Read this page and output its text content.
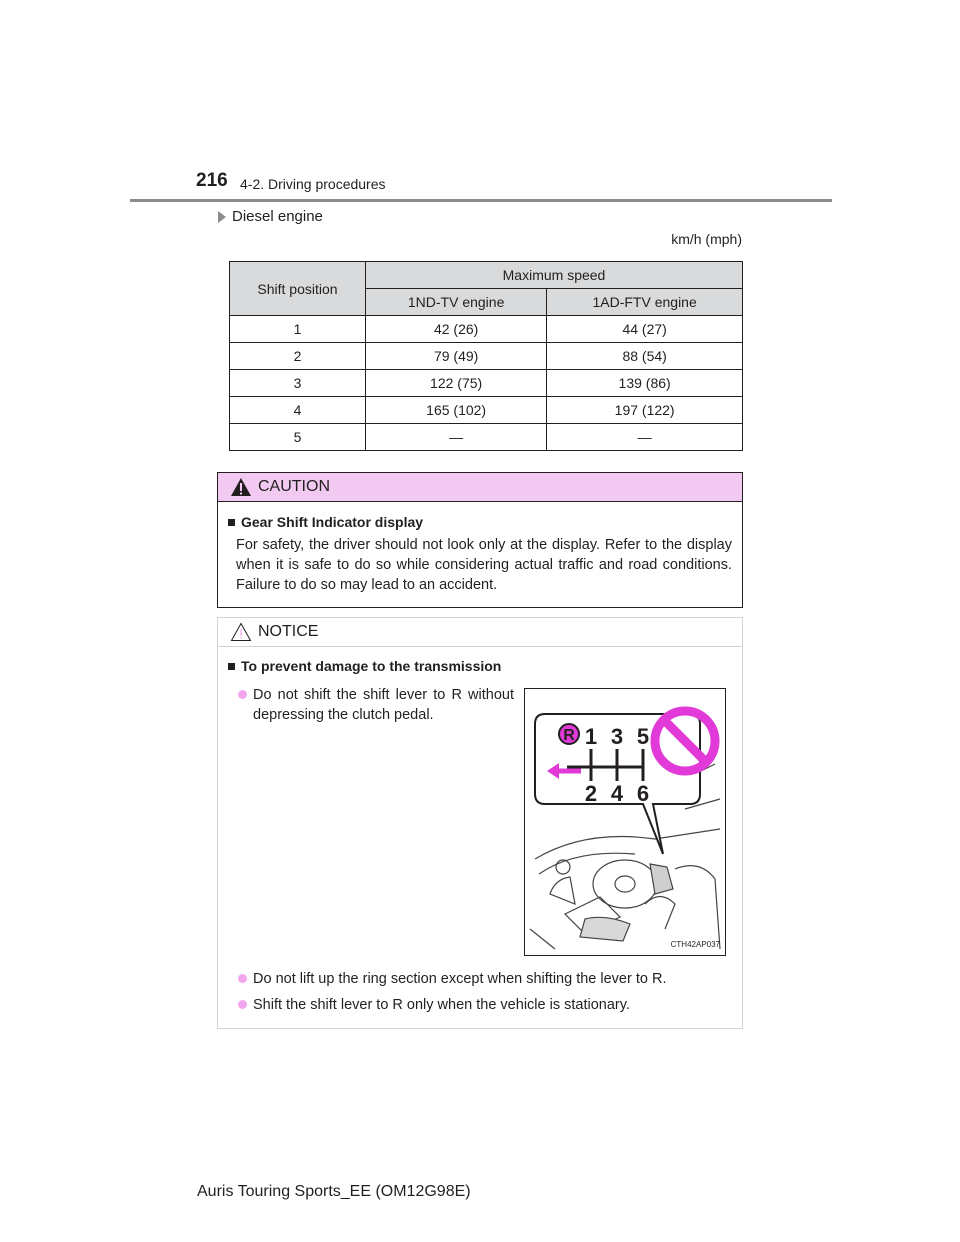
216 4-2. Driving procedures
Diesel engine
km/h (mph)
Shift position	Maximum speed	
	1ND-TV engine	1AD-FTV engine
1	42 (26)	44 (27)
2	79 (49)	88 (54)
3	122 (75)	139 (86)
4	165 (102)	197 (122)
5	—	—
CAUTION
Gear Shift Indicator display
For safety, the driver should not look only at the display. Refer to the display when it is safe to do so while considering actual traffic and road conditions. Failure to do so may lead to an accident.
NOTICE
To prevent damage to the transmission
Do not shift the shift lever to R without depressing the clutch pedal.
Do not lift up the ring section except when shifting the lever to R.
Shift the shift lever to R only when the vehicle is stationary.
R 1 3 5
2 4 6
CTH42AP037
Auris Touring Sports_EE (OM12G98E)
